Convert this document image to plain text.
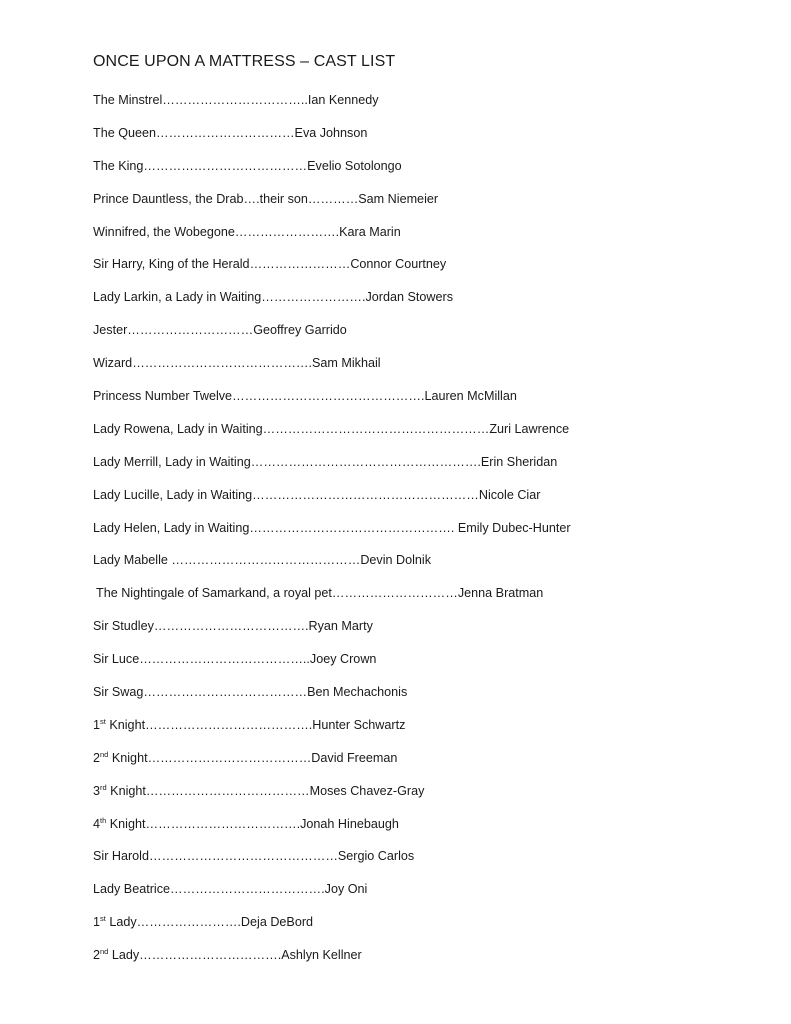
ONCE UPON A MATTRESS – CAST LIST
The Minstrel……………………………..Ian Kennedy
The Queen……………………………Eva Johnson
The King…………………………………Evelio Sotolongo
Prince Dauntless, the Drab….their son…………Sam Niemeier
Winnifred, the Wobegone…………………….Kara Marin
Sir Harry, King of the Herald……………………Connor Courtney
Lady Larkin, a Lady in Waiting…………………….Jordan Stowers
Jester…………………………Geoffrey Garrido
Wizard…………………………………….Sam Mikhail
Princess Number Twelve……………………………………….Lauren McMillan
Lady Rowena, Lady in Waiting………………………………………………Zuri Lawrence
Lady Merrill, Lady in Waiting……………………………………………….Erin Sheridan
Lady Lucille, Lady in Waiting………………………………………………Nicole Ciar
Lady Helen, Lady in Waiting…………………………………………. Emily Dubec-Hunter
Lady Mabelle ………………………………………Devin Dolnik
The Nightingale of Samarkand, a royal pet…………………………Jenna Bratman
Sir Studley……………………………….Ryan Marty
Sir Luce…………………………………..Joey Crown
Sir Swag…………………………………Ben Mechachonis
1st Knight………………………………….Hunter Schwartz
2nd Knight…………………………………David Freeman
3rd Knight…………………………………Moses Chavez-Gray
4th Knight……………………………….Jonah Hinebaugh
Sir Harold………………………………………Sergio Carlos
Lady Beatrice……………………………….Joy Oni
1st Lady…………………….Deja DeBord
2nd Lady…………………………….Ashlyn Kellner
